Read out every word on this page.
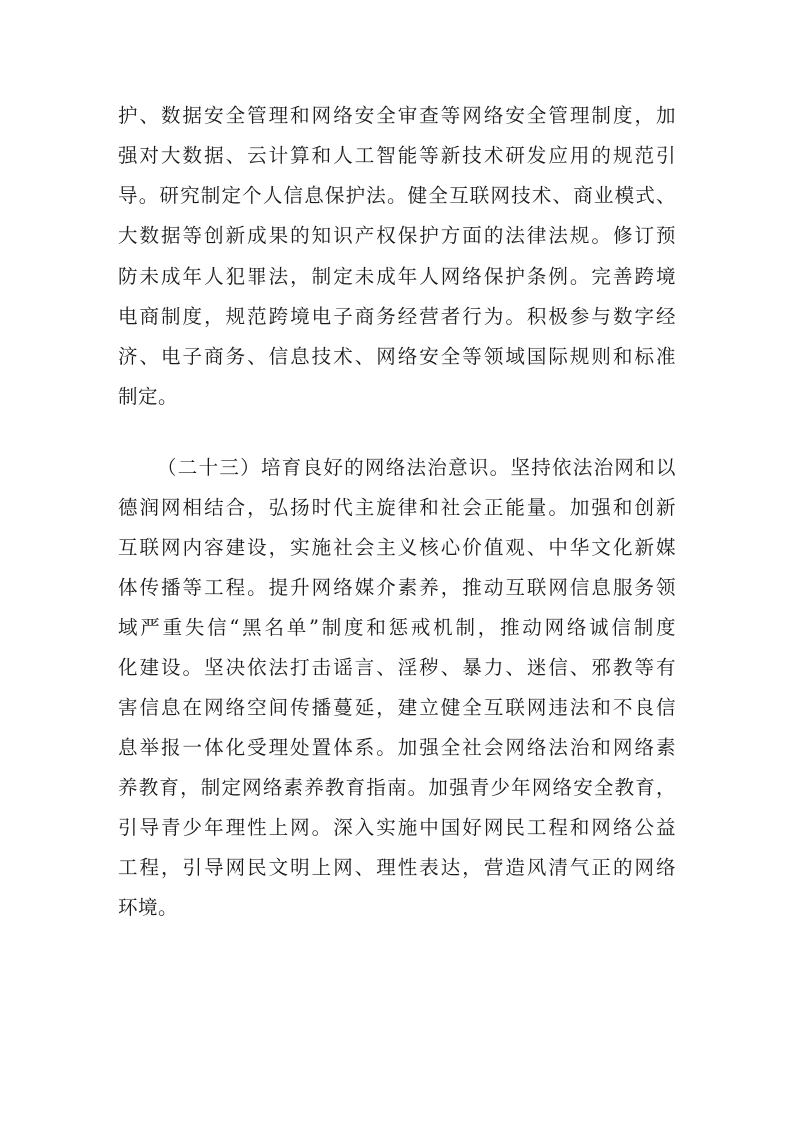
护、数据安全管理和网络安全审查等网络安全管理制度，加
强对大数据、云计算和人工智能等新技术研发应用的规范引
导。研究制定个人信息保护法。健全互联网技术、商业模式、
大数据等创新成果的知识产权保护方面的法律法规。修订预
防未成年人犯罪法，制定未成年人网络保护条例。完善跨境
电商制度，规范跨境电子商务经营者行为。积极参与数字经
济、电子商务、信息技术、网络安全等领域国际规则和标准
制定。
（二十三）培育良好的网络法治意识。坚持依法治网和以
德润网相结合，弘扬时代主旋律和社会正能量。加强和创新
互联网内容建设，实施社会主义核心价值观、中华文化新媒
体传播等工程。提升网络媒介素养，推动互联网信息服务领
域严重失信“黑名单”制度和惩戒机制，推动网络诚信制度
化建设。坚决依法打击谣言、淫秽、暴力、迷信、邪教等有
害信息在网络空间传播蔓延，建立健全互联网违法和不良信
息举报一体化受理处置体系。加强全社会网络法治和网络素
养教育，制定网络素养教育指南。加强青少年网络安全教育，
引导青少年理性上网。深入实施中国好网民工程和网络公益
工程，引导网民文明上网、理性表达，营造风清气正的网络
环境。
